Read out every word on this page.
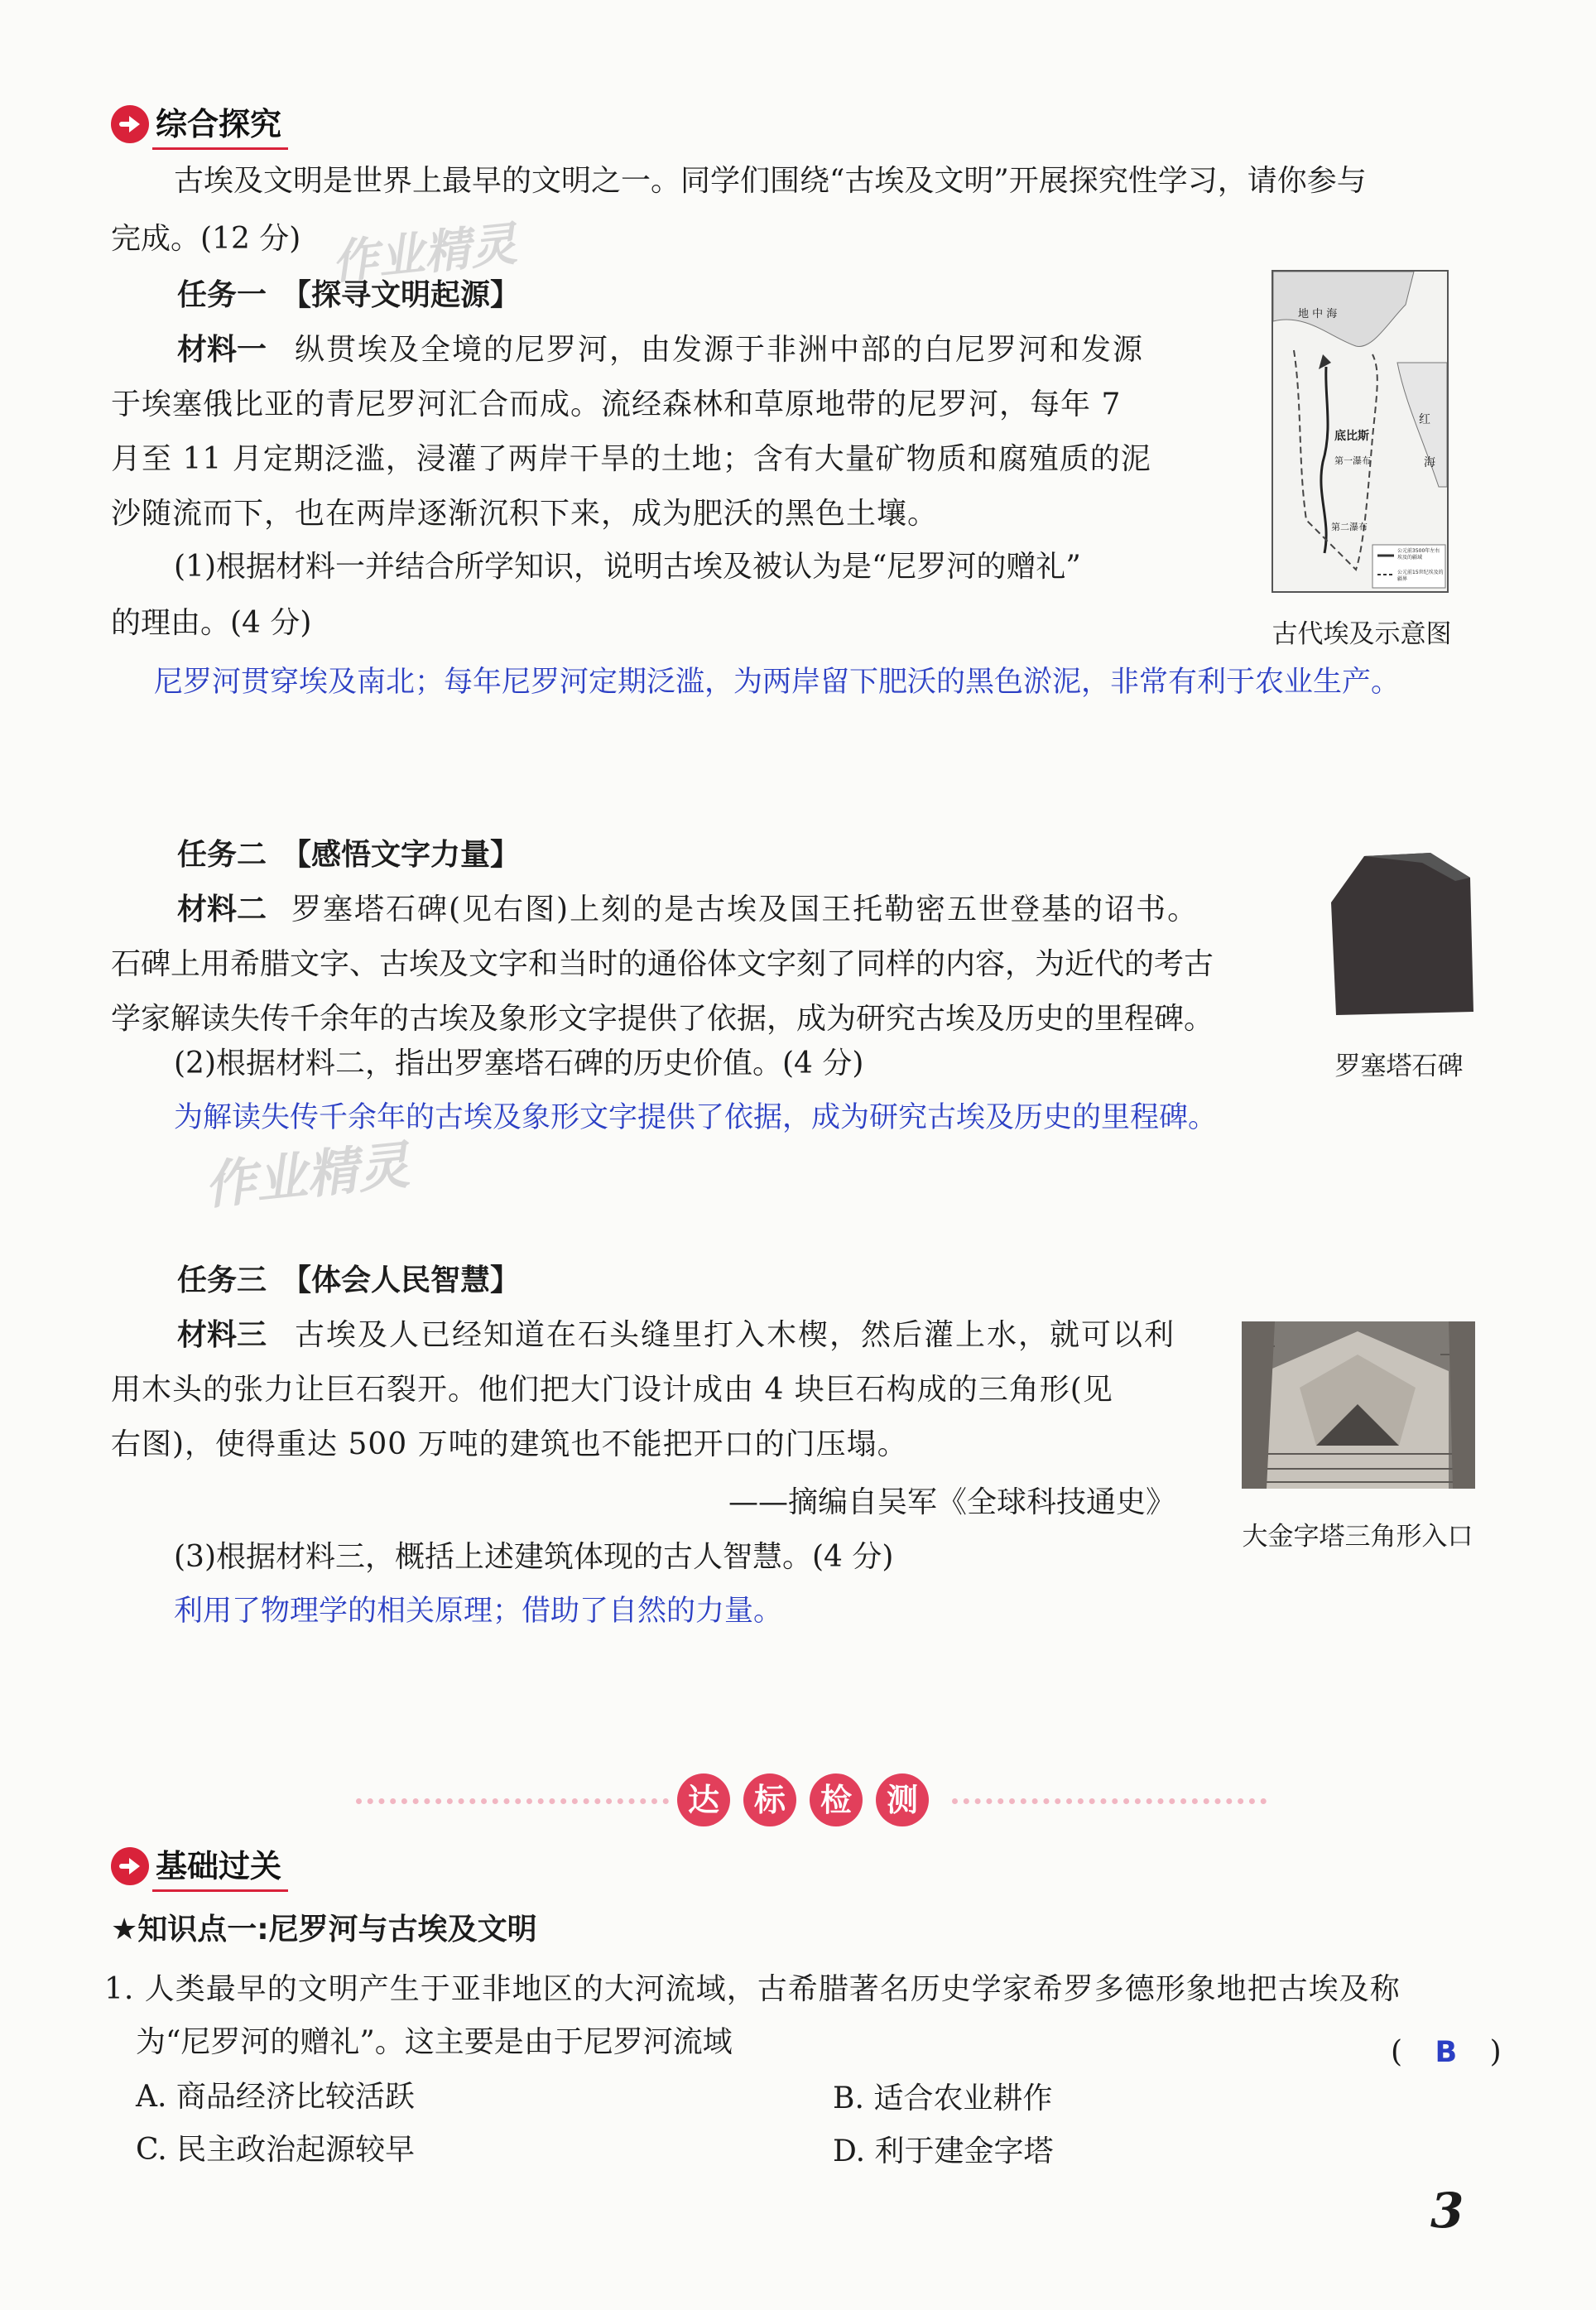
综合探究
古埃及文明是世界上最早的文明之一。同学们围绕“古埃及文明”开展探究性学习，请你参与
完成。(12 分) 作业精灵
任务一　【探寻文明起源】
材料一 纵贯埃及全境的尼罗河，由发源于非洲中部的白尼罗河和发源
于埃塞俄比亚的青尼罗河汇合而成。流经森林和草原地带的尼罗河，每年 7
月至 11 月定期泛滥，浸灌了两岸干旱的土地；含有大量矿物质和腐殖质的泥
沙随流而下，也在两岸逐渐沉积下来，成为肥沃的黑色土壤。
(1)根据材料一并结合所学知识，说明古埃及被认为是“尼罗河的赠礼”
的理由。(4 分)
尼罗河贯穿埃及南北；每年尼罗河定期泛滥，为两岸留下肥沃的黑色淤泥，非常有利于农业生产。
地 中 海
底比斯
红
海
第一瀑布
第二瀑布
公元前3500年左右埃及的疆域
公元前15世纪埃及的疆界
古代埃及示意图
任务二　【感悟文字力量】
材料二 罗塞塔石碑(见右图)上刻的是古埃及国王托勒密五世登基的诏书。
石碑上用希腊文字、古埃及文字和当时的通俗体文字刻了同样的内容，为近代的考古
学家解读失传千余年的古埃及象形文字提供了依据，成为研究古埃及历史的里程碑。
(2)根据材料二，指出罗塞塔石碑的历史价值。(4 分)
为解读失传千余年的古埃及象形文字提供了依据，成为研究古埃及历史的里程碑。
作业精灵
罗塞塔石碑
任务三　【体会人民智慧】
材料三 古埃及人已经知道在石头缝里打入木楔，然后灌上水，就可以利
用木头的张力让巨石裂开。他们把大门设计成由 4 块巨石构成的三角形(见
右图)，使得重达 500 万吨的建筑也不能把开口的门压塌。
——摘编自吴军《全球科技通史》
(3)根据材料三，概括上述建筑体现的古人智慧。(4 分)
利用了物理学的相关原理；借助了自然的力量。
大金字塔三角形入口
达 标 检 测
基础过关
★知识点一:尼罗河与古埃及文明
1. 人类最早的文明产生于亚非地区的大河流域，古希腊著名历史学家希罗多德形象地把古埃及称
为“尼罗河的赠礼”。这主要是由于尼罗河流域	( B )
A. 商品经济比较活跃	B. 适合农业耕作
C. 民主政治起源较早	D. 利于建金字塔
3
